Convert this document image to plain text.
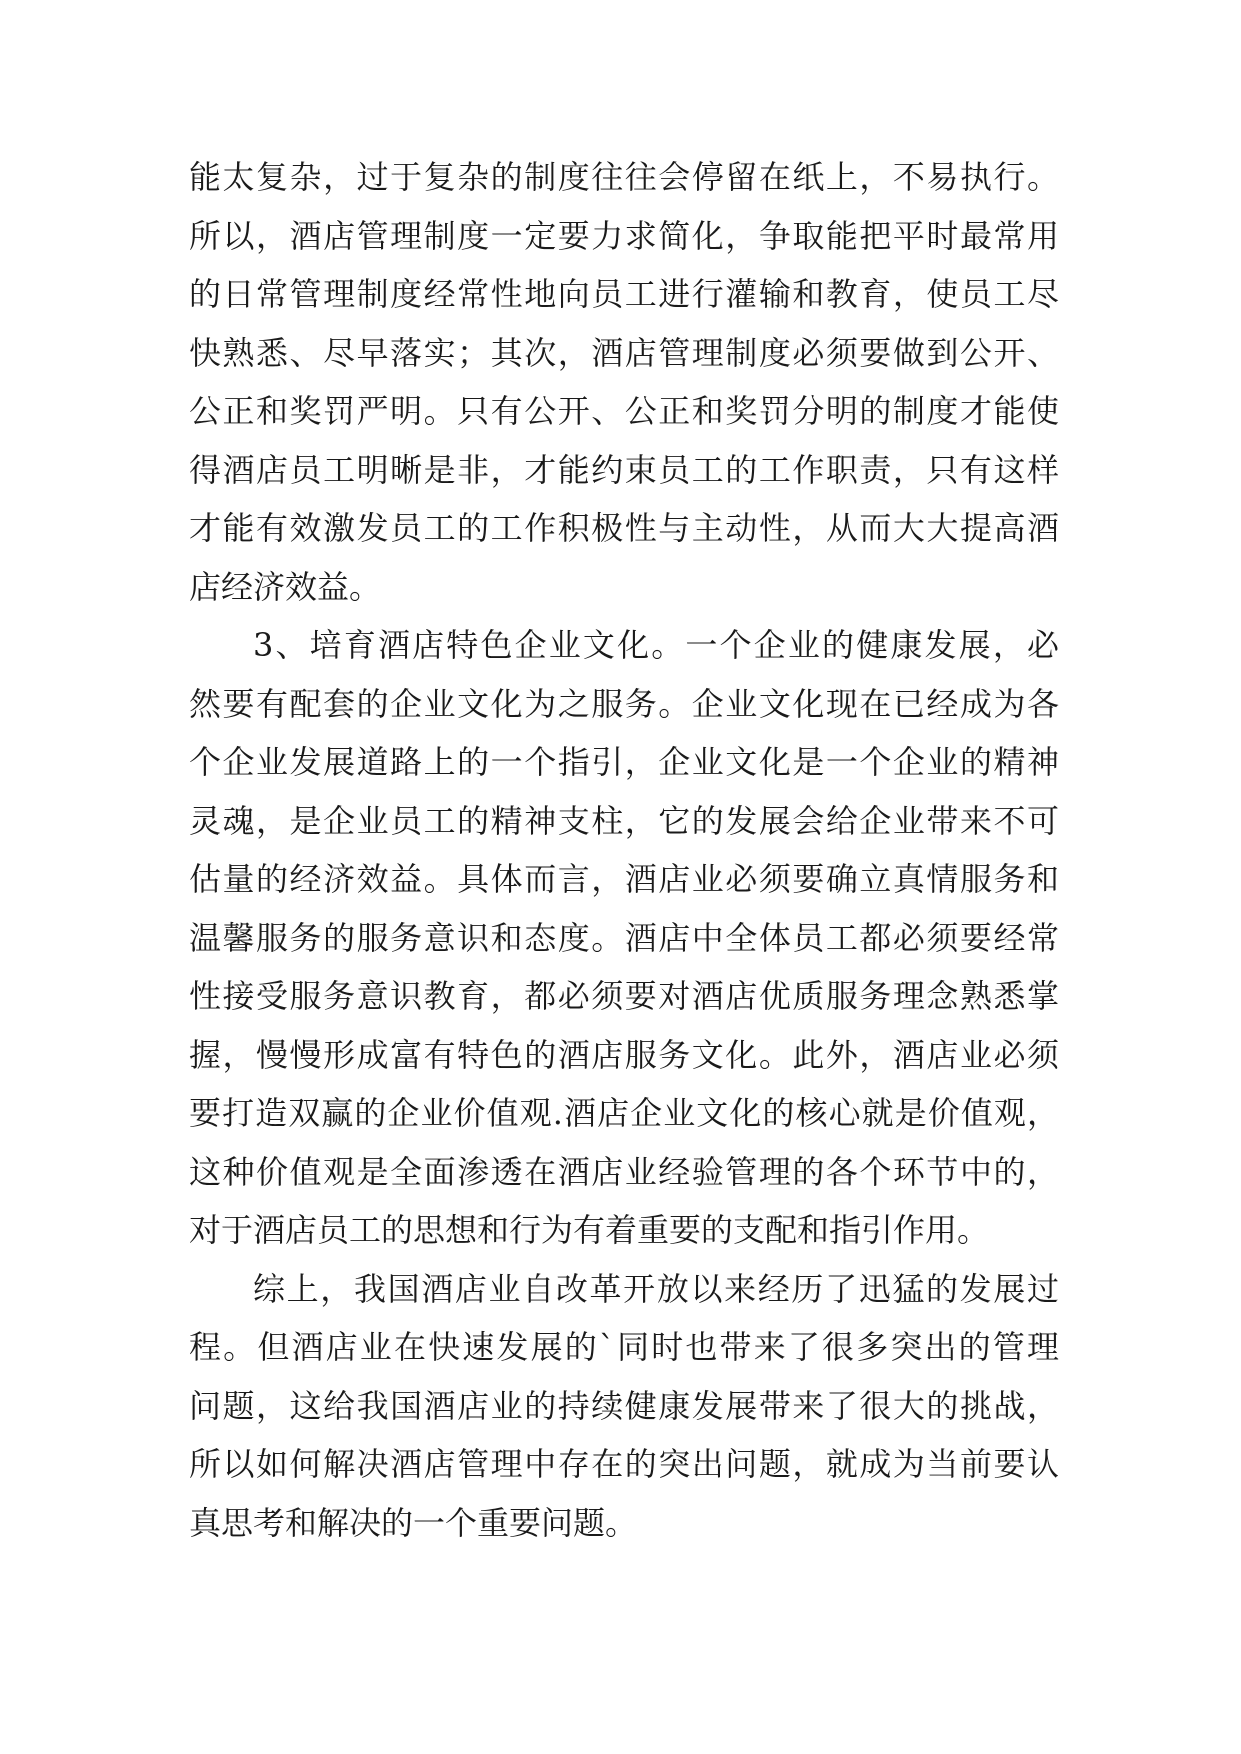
能太复杂，过于复杂的制度往往会停留在纸上，不易执行。
所以，酒店管理制度一定要力求简化，争取能把平时最常用
的日常管理制度经常性地向员工进行灌输和教育，使员工尽
快熟悉、尽早落实；其次，酒店管理制度必须要做到公开、
公正和奖罚严明。只有公开、公正和奖罚分明的制度才能使
得酒店员工明晰是非，才能约束员工的工作职责，只有这样
才能有效激发员工的工作积极性与主动性，从而大大提高酒
店经济效益。
3、培育酒店特色企业文化。一个企业的健康发展，必
然要有配套的企业文化为之服务。企业文化现在已经成为各
个企业发展道路上的一个指引，企业文化是一个企业的精神
灵魂，是企业员工的精神支柱，它的发展会给企业带来不可
估量的经济效益。具体而言，酒店业必须要确立真情服务和
温馨服务的服务意识和态度。酒店中全体员工都必须要经常
性接受服务意识教育，都必须要对酒店优质服务理念熟悉掌
握，慢慢形成富有特色的酒店服务文化。此外，酒店业必须
要打造双赢的企业价值观.酒店企业文化的核心就是价值观，
这种价值观是全面渗透在酒店业经验管理的各个环节中的，
对于酒店员工的思想和行为有着重要的支配和指引作用。
综上，我国酒店业自改革开放以来经历了迅猛的发展过
程。但酒店业在快速发展的`同时也带来了很多突出的管理
问题，这给我国酒店业的持续健康发展带来了很大的挑战，
所以如何解决酒店管理中存在的突出问题，就成为当前要认
真思考和解决的一个重要问题。
